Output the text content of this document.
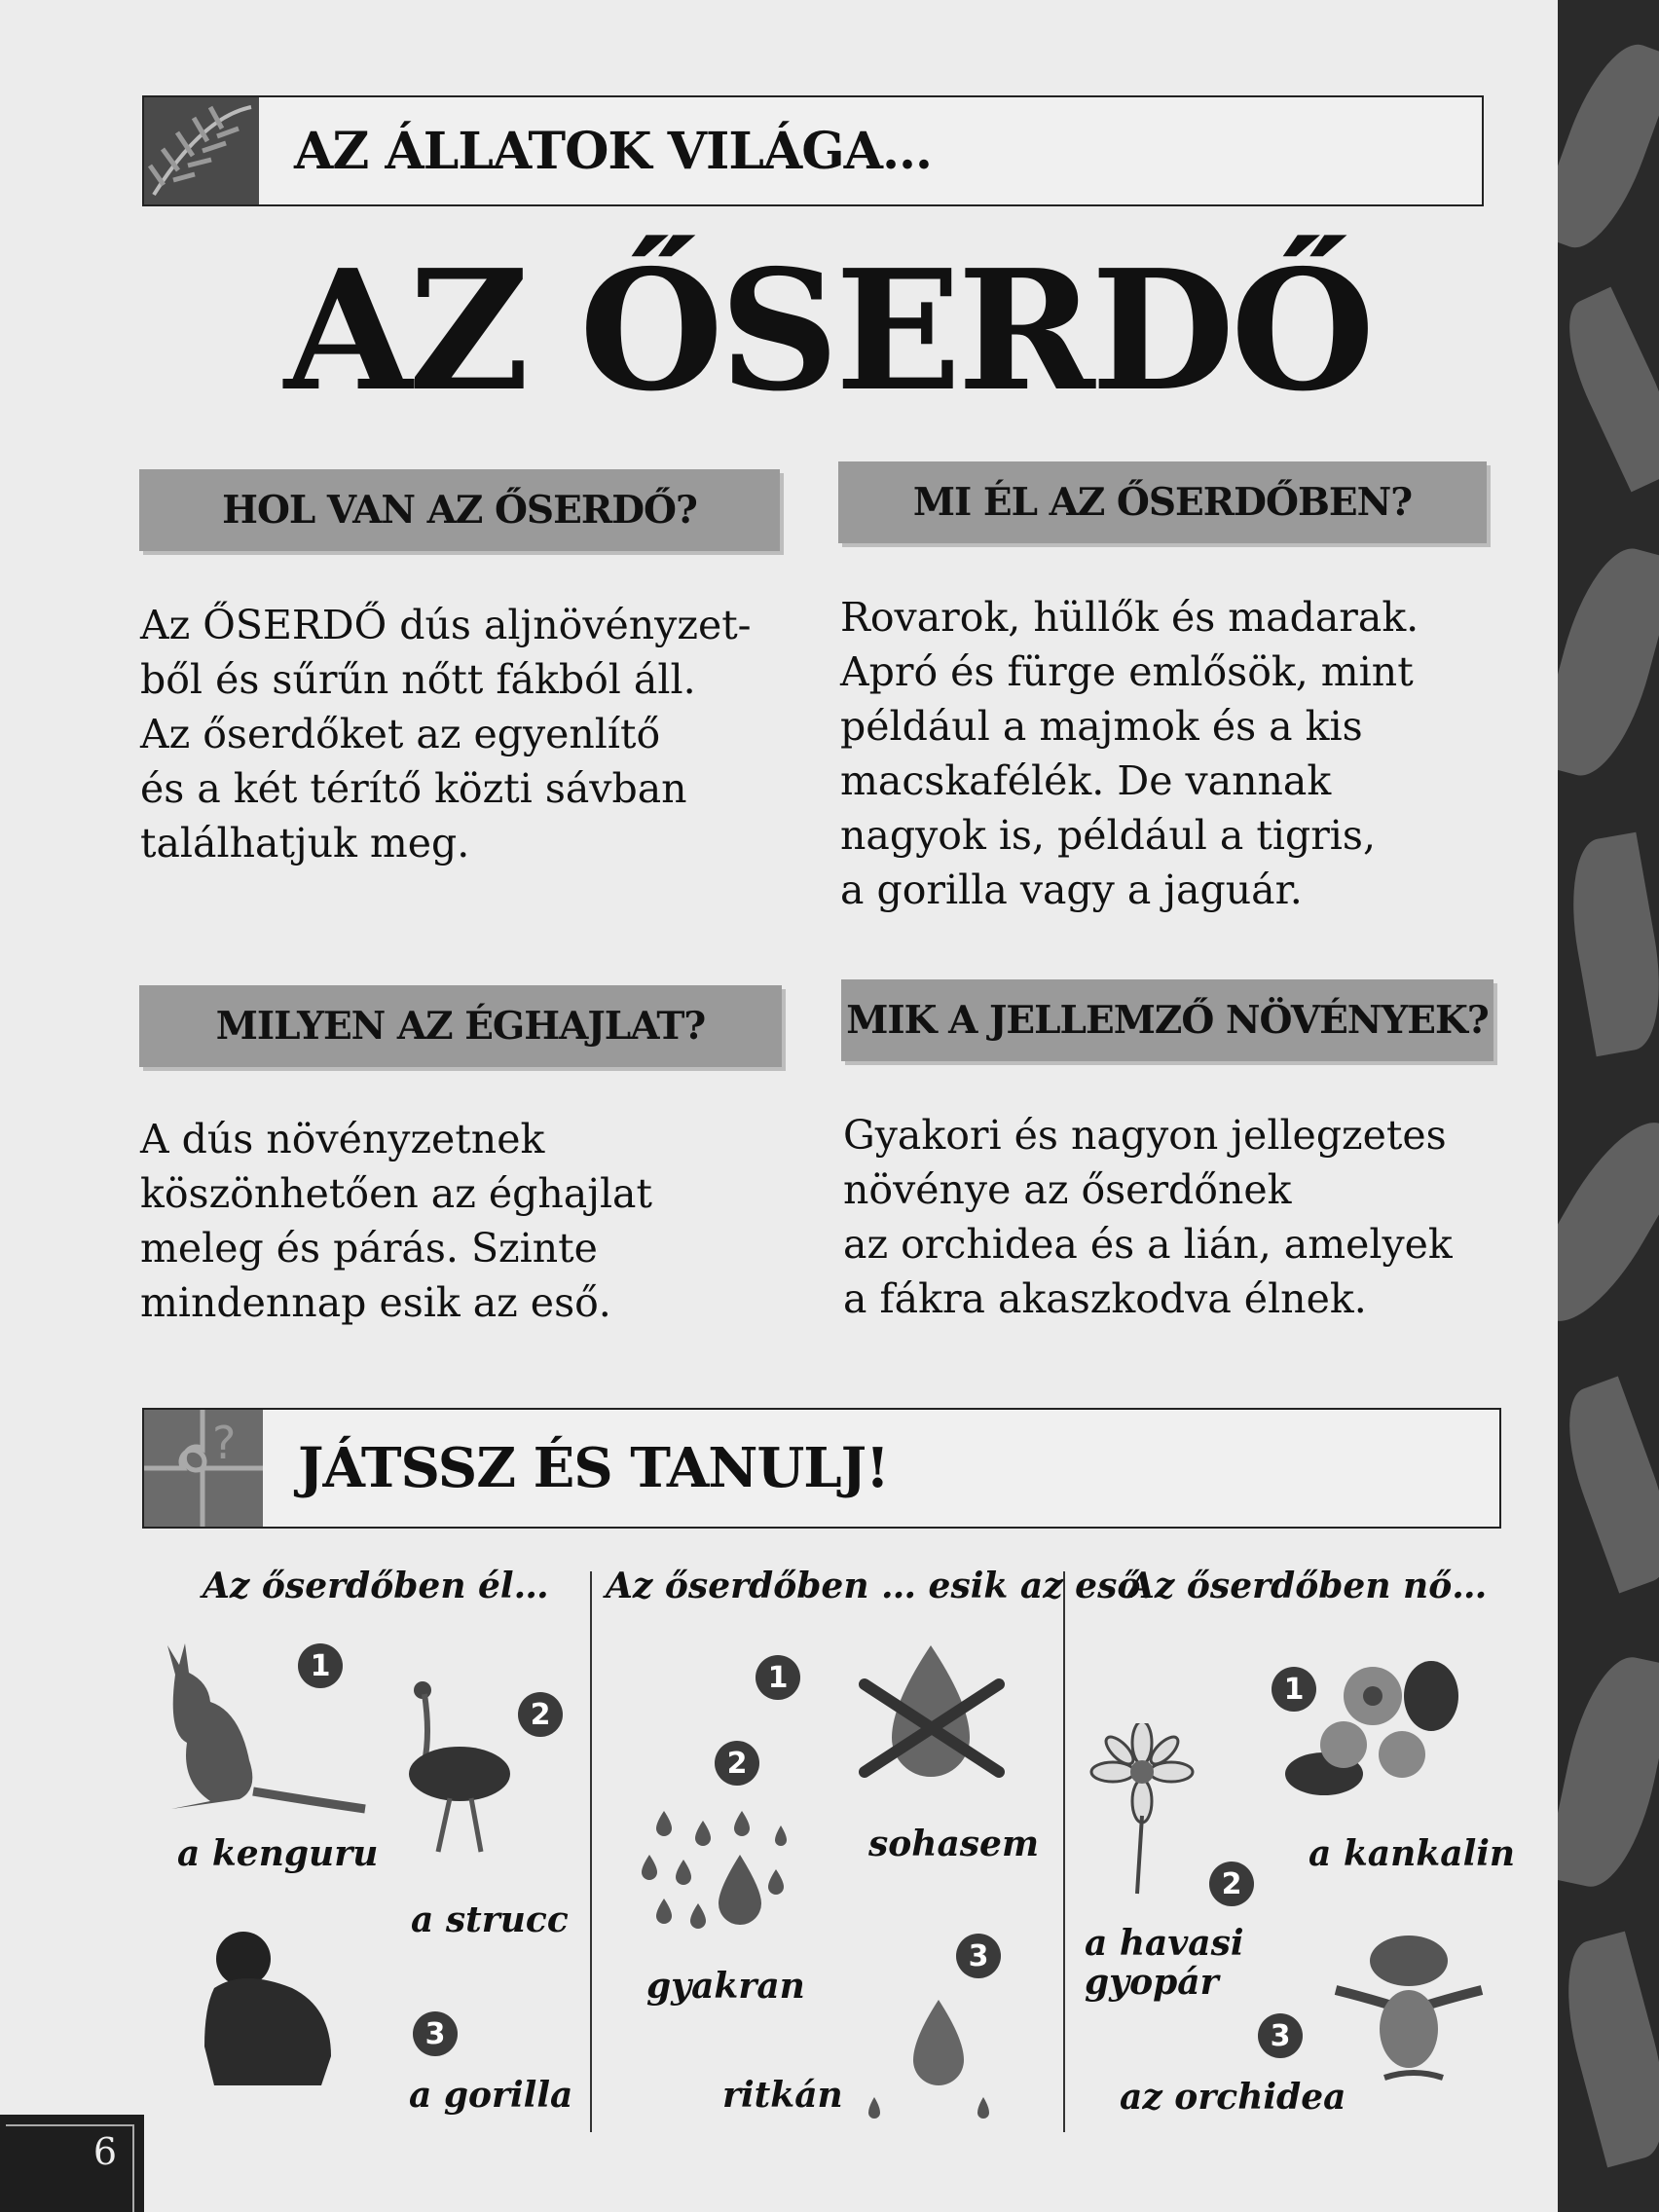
AZ ÁLLATOK VILÁGA…
AZ ŐSERDŐ
HOL VAN AZ ŐSERDŐ?	MI ÉL AZ ŐSERDŐBEN?
MILYEN AZ ÉGHAJLAT?	MIK A JELLEMZŐ NÖVÉNYEK?
Az ŐSERDŐ dús aljnövényzet-
ből és sűrűn nőtt fákból áll.
Az őserdőket az egyenlítő
és a két térítő közti sávban
találhatjuk meg.
Rovarok, hüllők és madarak.
Apró és fürge emlősök, mint
például a majmok és a kis
macskafélék. De vannak
nagyok is, például a tigris,
a gorilla vagy a jaguár.
A dús növényzetnek
köszönhetően az éghajlat
meleg és párás. Szinte
mindennap esik az eső.
Gyakori és nagyon jellegzetes
növénye az őserdőnek
az orchidea és a lián, amelyek
a fákra akaszkodva élnek.
? JÁTSSZ ÉS TANULJ!
Az őserdőben él… Az őserdőben … esik az eső.
Az őserdőben nő…
1
a kenguru
2
a strucc
3
a gorilla
1
sohasem
2
gyakran
3
ritkán
1
a kankalin
2
a havasi
gyopár
3
az orchidea
6
